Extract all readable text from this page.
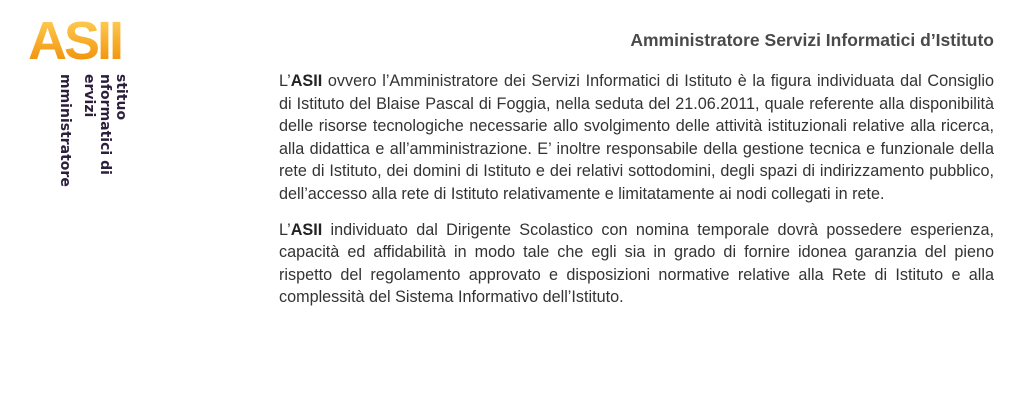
ASII
stituo
nformatici di
ervizi
mministratore
Amministratore Servizi Informatici d’Istituto

L’ASII ovvero l’Amministratore dei Servizi Informatici di Istituto è la figura individuata dal Consiglio di Istituto del Blaise Pascal di Foggia, nella seduta del 21.06.2011, quale referente alla disponibilità delle risorse tecnologiche necessarie allo svolgimento delle attività istituzionali relative alla ricerca, alla didattica e all’amministrazione. E’ inoltre responsabile della gestione tecnica e funzionale della rete di Istituto, dei domini di Istituto e dei relativi sottodomini, degli spazi di indirizzamento pubblico, dell’accesso alla rete di Istituto relativamente e limitatamente ai nodi collegati in rete.

L’ASII individuato dal Dirigente Scolastico con nomina temporale dovrà possedere esperienza, capacità ed affidabilità in modo tale che egli sia in grado di fornire idonea garanzia del pieno rispetto del regolamento approvato e disposizioni normative relative alla Rete di Istituto e alla complessità del Sistema Informativo dell’Istituto.
